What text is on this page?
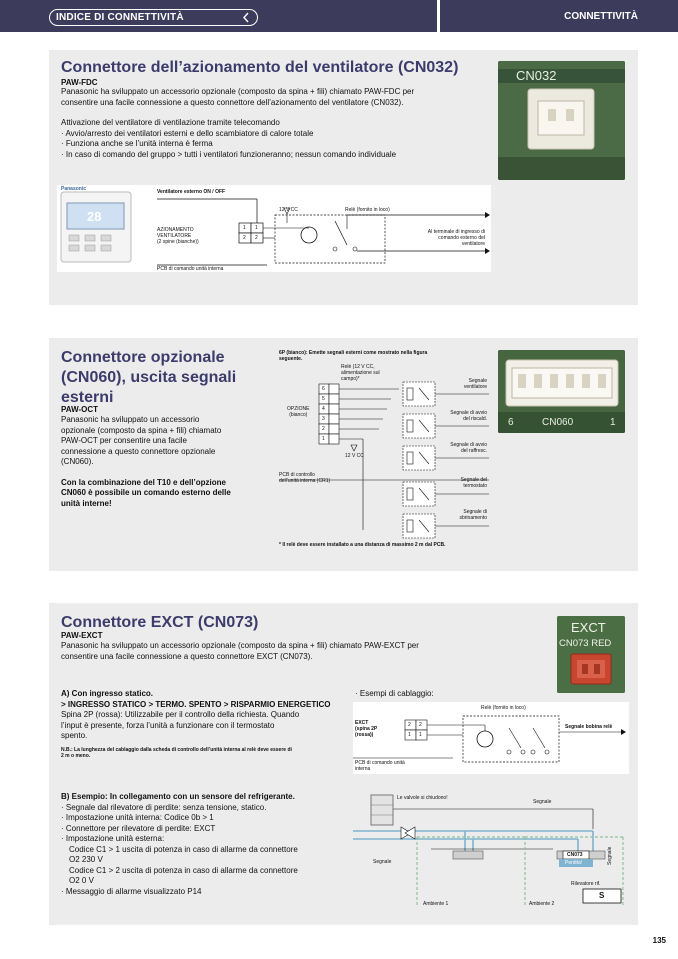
INDICE DI CONNETTIVITÀ	CONNETTIVITÀ
Connettore dell’azionamento del ventilatore (CN032)
PAW-FDC

Panasonic ha sviluppato un accessorio opzionale (composto da spina + fili) chiamato PAW-FDC per

consentire una facile connessione a questo connettore dell’azionamento del ventilatore (CN032).

Attivazione del ventilatore di ventilazione tramite telecomando

· Avvio/arresto dei ventilatori esterni e dello scambiatore di calore totale

· Funziona anche se l’unità interna è ferma

· In caso di comando del gruppo > tutti i ventilatori funzioneranno; nessun comando individuale

CN032
Panasonic
28
Ventilatore esterno ON / OFF
12 V CC	Relè (fornito in loco)
AZIONAMENTO
VENTILATORE
(2 spine (bianche))
1 1
2 2
Al terminale di ingresso di
comando esterno del
ventilatore
PCB di comando unità interna
Connettore opzionale
(CN060), uscita segnali
esterni
PAW-OCT

Panasonic ha sviluppato un accessorio

opzionale (composto da spina + fili) chiamato

PAW-OCT per consentire una facile

connessione a questo connettore opzionale

(CN060).

Con la combinazione del T10 e dell’opzione

CN060 è possibile un comando esterno delle

unità interne!

6P (bianco): Emette segnali esterni come mostrato nella figura
seguente.
Relè (12 V CC,
alimentazione sul
campo)*
OPZIONE
(bianco)
6
5
4
3
2
1
12 V CC
PCB di controllo
dell’unità interna (CR1)
Segnale
ventilatore
Segnale di avvio
del riscald.
Segnale di avvio
del raffresc.
Segnale del
termostato
Segnale di
sbrinamento
* Il relè deve essere installato a una distanza di massimo 2 m dal PCB.
6	CN060	1
Connettore EXCT (CN073)
PAW-EXCT

Panasonic ha sviluppato un accessorio opzionale (composto da spina + fili) chiamato PAW-EXCT per

consentire una facile connessione a questo connettore EXCT (CN073).

EXCT
CN073 RED

A) Con ingresso statico.

> INGRESSO STATICO > TERMO. SPENTO > RISPARMIO ENERGETICO

Spina 2P (rossa): Utilizzabile per il controllo della richiesta. Quando

l’input è presente, forza l’unità a funzionare con il termostato

spento.

N.B.: La lunghezza del cablaggio dalla scheda di controllo dell’unità interna al relè deve essere di

2 m o meno.

· Esempi di cablaggio:
Relè (fornito in loco)
EXCT
(spina 2P
(rossa))
2 2
1 1
Segnale bobina relè
PCB di comando unità
interna

B) Esempio: In collegamento con un sensore del refrigerante.

· Segnale dal rilevatore di perdite: senza tensione, statico.

· Impostazione unità interna: Codice 0b > 1

· Connettore per rilevatore di perdite: EXCT

· Impostazione unità esterna:

Codice C1 > 1 uscita di potenza in caso di allarme da connettore

O2 230 V

Codice C1 > 2 uscita di potenza in caso di allarme da connettore

O2 0 V

· Messaggio di allarme visualizzato P14

Le valvole si chiudono!
Segnale
Segnale	Segnale
CN073
Perdita!
Rilevatore rif.
S
Ambiente 1	Ambiente 2
135
